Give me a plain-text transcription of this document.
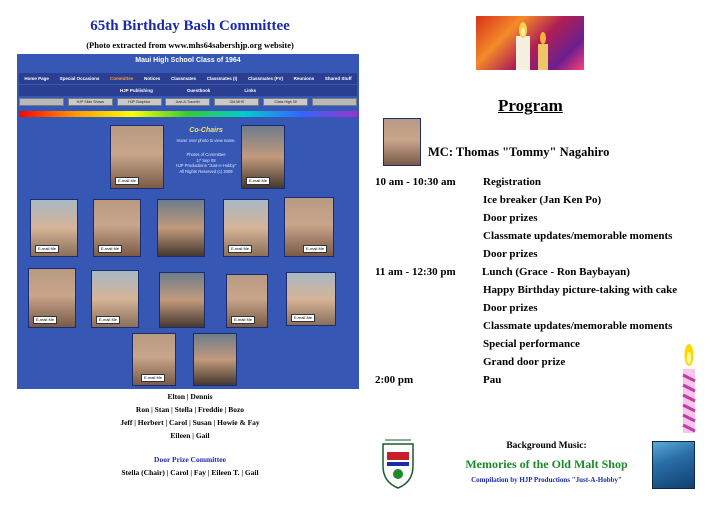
65th Birthday Bash Committee
(Photo extracted from www.mhs64sabershjp.org website)
Maui High School Class of 1964
Home Page Special Occasions Committee Notices Classmates Classmates (I) Classmates (FV) Reunions Shared Stuff
HJP Publishing	Guestbook	Links
HJP Slide Shows	HJP Graphics	Just-A-Travelin'	Old MHS	Class High 50
E-mail Me
Co-Chairs
Hover over photo to view name.
Photos of Committee
17 Sep 08
HJP Productions "Just-A-Hobby"
All Rights Reserved (c) 2009
E-mail Me
E-mail Me	E-mail Me	E-mail Me	E-mail Me
E-mail Me	E-mail Me	E-mail Me	E-mail Me
E-mail Me
Elton | Dennis
Ron | Stan | Stella | Freddie | Bozo
Jeff | Herbert | Carol | Susan | Howie & Fay
Eileen | Gail
Door Prize Committee
Stella (Chair) | Carol | Fay | Eileen T. | Gail
Program
MC: Thomas "Tommy" Nagahiro
10 am - 10:30 am Registration
Ice breaker (Jan Ken Po)
Door prizes
Classmate updates/memorable moments
Door prizes
11 am - 12:30 pm Lunch (Grace - Ron Baybayan)
Happy Birthday picture-taking with cake
Door prizes
Classmate updates/memorable moments
Special performance
Grand door prize
2:00 pm	Pau
Background Music:
Memories of the Old Malt Shop
Compilation by HJP Productions "Just-A-Hobby"
